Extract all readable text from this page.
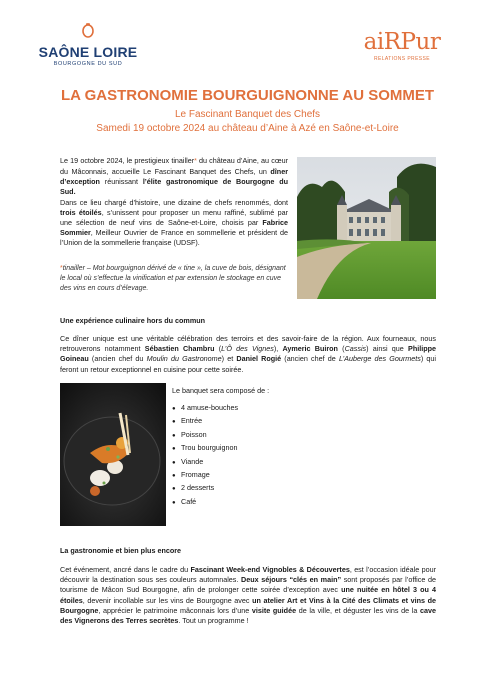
SAÔNE LOIRE
BOURGOGNE DU SUD
aiRPur
RELATIONS PRESSE
LA GASTRONOMIE BOURGUIGNONNE AU SOMMET
Le Fascinant Banquet des Chefs
Samedi 19 octobre 2024 au château d’Aine à Azé en Saône-et-Loire
Le 19 octobre 2024, le prestigieux tinailler* du château d’Aine, au cœur du Mâconnais, accueille Le Fascinant Banquet des Chefs, un dîner d’exception réunissant l’élite gastronomique de Bourgogne du Sud.
Dans ce lieu chargé d’histoire, une dizaine de chefs renommés, dont trois étoilés, s’unissent pour proposer un menu raffiné, sublimé par une sélection de neuf vins de Saône-et-Loire, choisis par Fabrice Sommier, Meilleur Ouvrier de France en sommellerie et président de l’Union de la sommellerie française (UDSF).
*tinailler – Mot bourguignon dérivé de « tine », la cuve de bois, désignant le local où s’effectue la vinification et par extension le stockage en cuve des vins en cours d’élevage.
Une expérience culinaire hors du commun
Ce dîner unique est une véritable célébration des terroirs et des savoir-faire de la région. Aux fourneaux, nous retrouverons notamment Sébastien Chambru (L’Ô des Vignes), Aymeric Buiron (Cassis) ainsi que Philippe Goineau (ancien chef du Moulin du Gastronome) et Daniel Rogié (ancien chef de L’Auberge des Gourmets) qui feront un retour exceptionnel en cuisine pour cette soirée.
Le banquet sera composé de :
● 4 amuse-bouches
● Entrée
● Poisson
● Trou bourguignon
● Viande
● Fromage
● 2 desserts
● Café
La gastronomie et bien plus encore
Cet événement, ancré dans le cadre du Fascinant Week-end Vignobles & Découvertes, est l’occasion idéale pour découvrir la destination sous ses couleurs automnales. Deux séjours “clés en main” sont proposés par l’office de tourisme de Mâcon Sud Bourgogne, afin de prolonger cette soirée d’exception avec une nuitée en hôtel 3 ou 4 étoiles, devenir incollable sur les vins de Bourgogne avec un atelier Art et Vins à la Cité des Climats et vins de Bourgogne, apprécier le patrimoine mâconnais lors d’une visite guidée de la ville, et déguster les vins de la cave des Vignerons des Terres secrètes. Tout un programme !
